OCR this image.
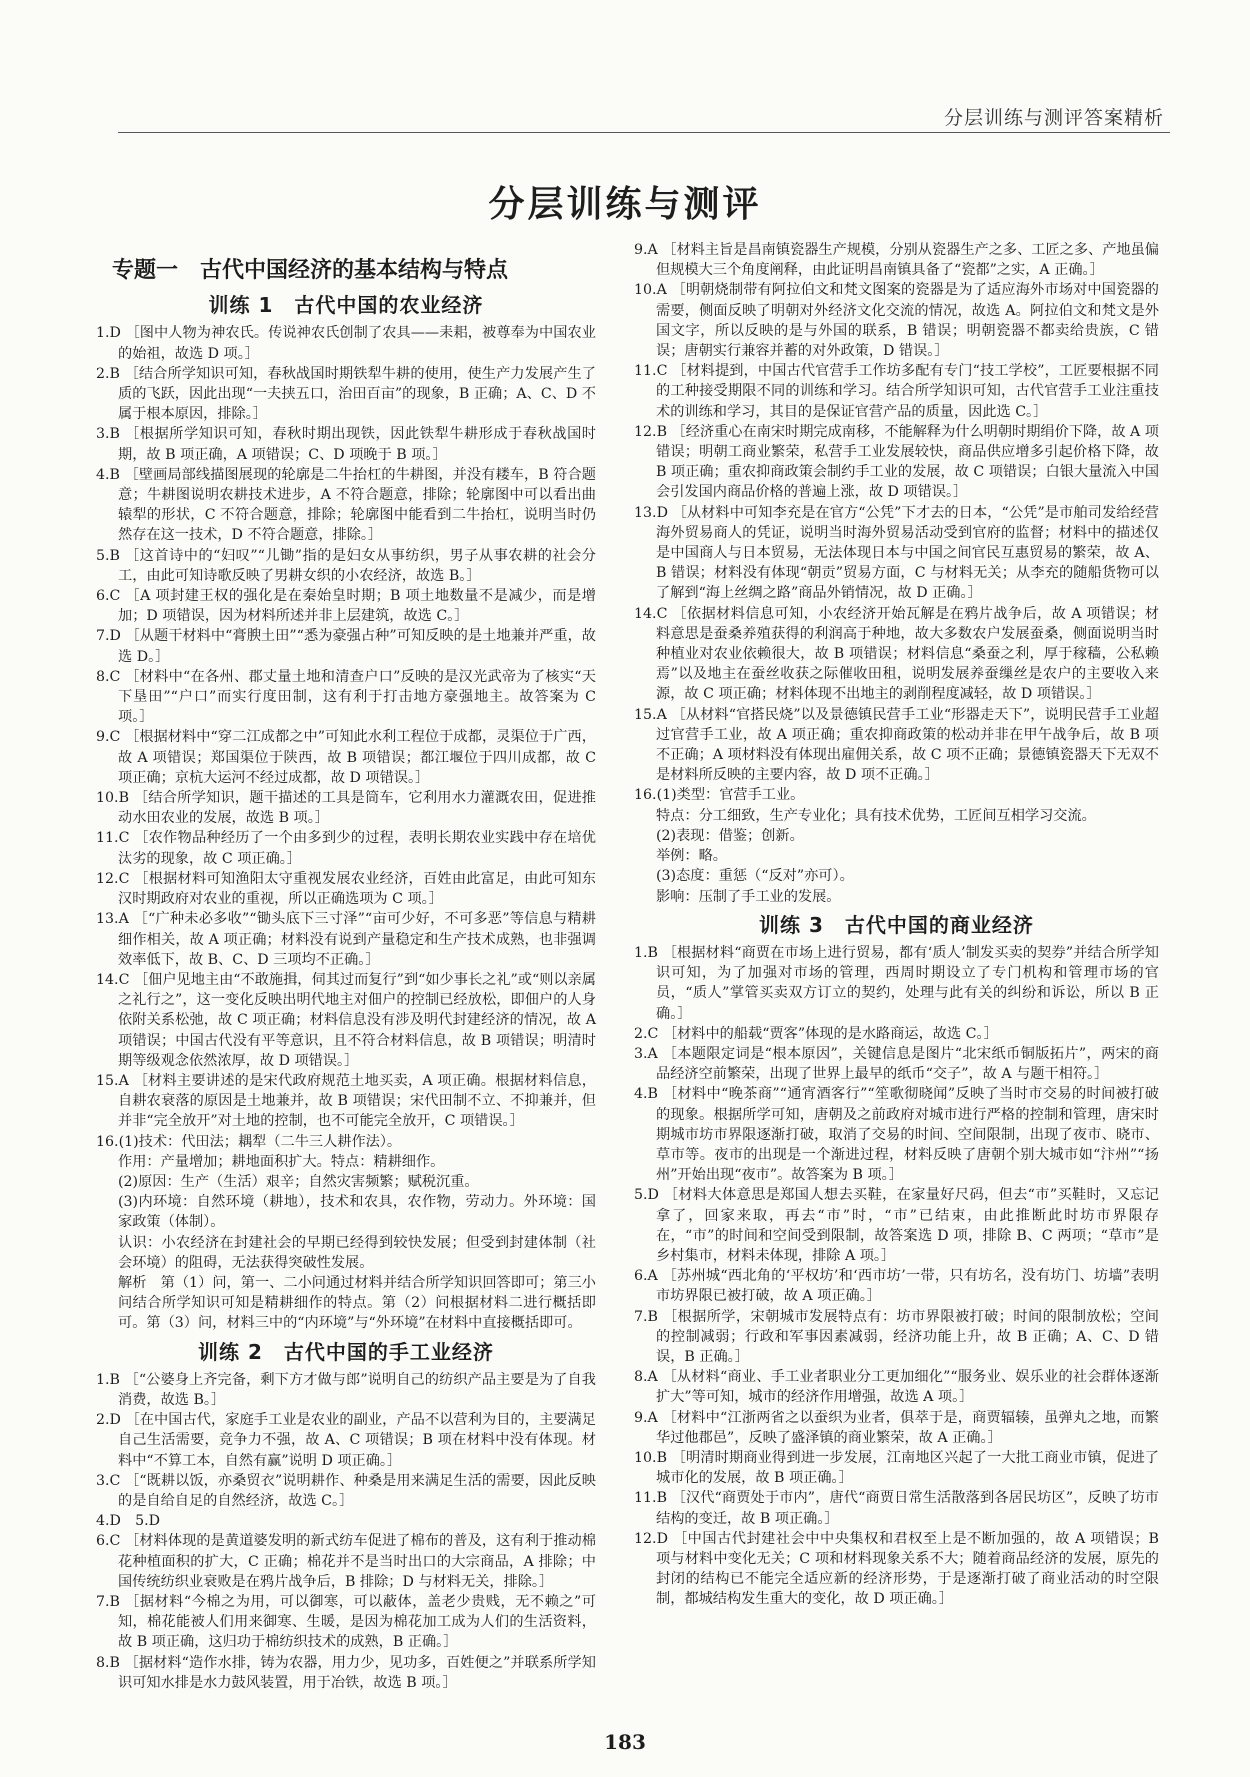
分层训练与测评答案精析
分层训练与测评
专题一　古代中国经济的基本结构与特点
训练 1　古代中国的农业经济

1.D ［图中人物为神农氏。传说神农氏创制了农具——耒耜，被尊奉为中国农业的始祖，故选 D 项。］

2.B ［结合所学知识可知，春秋战国时期铁犁牛耕的使用，使生产力发展产生了质的飞跃，因此出现“一夫挟五口，治田百亩”的现象，B 正确；A、C、D 不属于根本原因，排除。］

3.B ［根据所学知识可知，春秋时期出现铁，因此铁犁牛耕形成于春秋战国时期，故 B 项正确，A 项错误；C、D 项晚于 B 项。］

4.B ［壁画局部线描图展现的轮廓是二牛抬杠的牛耕图，并没有耧车，B 符合题意；牛耕图说明农耕技术进步，A 不符合题意，排除；轮廓图中可以看出曲辕犁的形状，C 不符合题意，排除；轮廓图中能看到二牛抬杠，说明当时仍然存在这一技术，D 不符合题意，排除。］

5.B ［这首诗中的“妇叹”“儿锄”指的是妇女从事纺织，男子从事农耕的社会分工，由此可知诗歌反映了男耕女织的小农经济，故选 B。］

6.C ［A 项封建王权的强化是在秦始皇时期；B 项土地数量不是减少，而是增加；D 项错误，因为材料所述并非上层建筑，故选 C。］

7.D ［从题干材料中“膏腴土田”“悉为豪强占种”可知反映的是土地兼并严重，故选 D。］

8.C ［材料中“在各州、郡丈量土地和清查户口”反映的是汉光武帝为了核实“天下垦田”“户口”而实行度田制，这有利于打击地方豪强地主。故答案为 C 项。］

9.C ［根据材料中“穿二江成都之中”可知此水利工程位于成都，灵渠位于广西，故 A 项错误；郑国渠位于陕西，故 B 项错误；都江堰位于四川成都，故 C 项正确；京杭大运河不经过成都，故 D 项错误。］

10.B ［结合所学知识，题干描述的工具是筒车，它利用水力灌溉农田，促进推动水田农业的发展，故选 B 项。］

11.C ［农作物品种经历了一个由多到少的过程，表明长期农业实践中存在培优汰劣的现象，故 C 项正确。］

12.C ［根据材料可知渔阳太守重视发展农业经济，百姓由此富足，由此可知东汉时期政府对农业的重视，所以正确选项为 C 项。］

13.A ［“广种未必多收”“锄头底下三寸泽”“亩可少好，不可多恶”等信息与精耕细作相关，故 A 项正确；材料没有说到产量稳定和生产技术成熟，也非强调效率低下，故 B、C、D 三项均不正确。］

14.C ［佃户见地主由“不敢施揖，伺其过而复行”到“如少事长之礼”或“则以亲属之礼行之”，这一变化反映出明代地主对佃户的控制已经放松，即佃户的人身依附关系松弛，故 C 项正确；材料信息没有涉及明代封建经济的情况，故 A 项错误；中国古代没有平等意识，且不符合材料信息，故 B 项错误；明清时期等级观念依然浓厚，故 D 项错误。］

15.A ［材料主要讲述的是宋代政府规范土地买卖，A 项正确。根据材料信息，自耕农衰落的原因是土地兼并，故 B 项错误；宋代田制不立、不抑兼并，但并非“完全放开”对土地的控制，也不可能完全放开，C 项错误。］

16.(1)技术：代田法；耦犁（二牛三人耕作法）。

作用：产量增加；耕地面积扩大。特点：精耕细作。

(2)原因：生产（生活）艰辛；自然灾害频繁；赋税沉重。

(3)内环境：自然环境（耕地），技术和农具，农作物，劳动力。外环境：国家政策（体制）。

认识：小农经济在封建社会的早期已经得到较快发展；但受到封建体制（社会环境）的阻碍，无法获得突破性发展。

解析　第（1）问，第一、二小问通过材料并结合所学知识回答即可；第三小问结合所学知识可知是精耕细作的特点。第（2）问根据材料二进行概括即可。第（3）问，材料三中的“内环境”与“外环境”在材料中直接概括即可。

训练 2　古代中国的手工业经济

1.B ［“公婆身上齐完备，剩下方才做与郎”说明自己的纺织产品主要是为了自我消费，故选 B。］

2.D ［在中国古代，家庭手工业是农业的副业，产品不以营利为目的，主要满足自己生活需要，竞争力不强，故 A、C 项错误；B 项在材料中没有体现。材料中“不算工本，自然有赢”说明 D 项正确。］

3.C ［“既耕以饭，亦桑贸衣”说明耕作、种桑是用来满足生活的需要，因此反映的是自给自足的自然经济，故选 C。］

4.D　5.D

6.C ［材料体现的是黄道婆发明的新式纺车促进了棉布的普及，这有利于推动棉花种植面积的扩大，C 正确；棉花并不是当时出口的大宗商品，A 排除；中国传统纺织业衰败是在鸦片战争后，B 排除；D 与材料无关，排除。］

7.B ［据材料“今棉之为用，可以御寒，可以蔽体，盖老少贵贱，无不赖之”可知，棉花能被人们用来御寒、生暖，是因为棉花加工成为人们的生活资料，故 B 项正确，这归功于棉纺织技术的成熟，B 正确。］

8.B ［据材料“造作水排，铸为农器，用力少，见功多，百姓便之”并联系所学知识可知水排是水力鼓风装置，用于冶铁，故选 B 项。］

9.A ［材料主旨是昌南镇瓷器生产规模，分别从瓷器生产之多、工匠之多、产地虽偏但规模大三个角度阐释，由此证明昌南镇具备了“瓷都”之实，A 正确。］

10.A ［明朝烧制带有阿拉伯文和梵文图案的瓷器是为了适应海外市场对中国瓷器的需要，侧面反映了明朝对外经济文化交流的情况，故选 A。阿拉伯文和梵文是外国文字，所以反映的是与外国的联系，B 错误；明朝瓷器不都卖给贵族，C 错误；唐朝实行兼容并蓄的对外政策，D 错误。］

11.C ［材料提到，中国古代官营手工作坊多配有专门“技工学校”，工匠要根据不同的工种接受期限不同的训练和学习。结合所学知识可知，古代官营手工业注重技术的训练和学习，其目的是保证官营产品的质量，因此选 C。］

12.B ［经济重心在南宋时期完成南移，不能解释为什么明朝时期绢价下降，故 A 项错误；明朝工商业繁荣，私营手工业发展较快，商品供应增多引起价格下降，故 B 项正确；重农抑商政策会制约手工业的发展，故 C 项错误；白银大量流入中国会引发国内商品价格的普遍上涨，故 D 项错误。］

13.D ［从材料中可知李充是在官方“公凭”下才去的日本，“公凭”是市舶司发给经营海外贸易商人的凭证，说明当时海外贸易活动受到官府的监督；材料中的描述仅是中国商人与日本贸易，无法体现日本与中国之间官民互惠贸易的繁荣，故 A、B 错误；材料没有体现“朝贡”贸易方面，C 与材料无关；从李充的随船货物可以了解到“海上丝绸之路”商品外销情况，故 D 正确。］

14.C ［依据材料信息可知，小农经济开始瓦解是在鸦片战争后，故 A 项错误；材料意思是蚕桑养殖获得的利润高于种地，故大多数农户发展蚕桑，侧面说明当时种植业对农业依赖很大，故 B 项错误；材料信息“桑蚕之利，厚于稼穑，公私赖焉”以及地主在蚕丝收获之际催收田租，说明发展养蚕缫丝是农户的主要收入来源，故 C 项正确；材料体现不出地主的剥削程度减轻，故 D 项错误。］

15.A ［从材料“官搭民烧”以及景德镇民营手工业“形器走天下”，说明民营手工业超过官营手工业，故 A 项正确；重农抑商政策的松动并非在甲午战争后，故 B 项不正确；A 项材料没有体现出雇佣关系，故 C 项不正确；景德镇瓷器天下无双不是材料所反映的主要内容，故 D 项不正确。］

16.(1)类型：官营手工业。

特点：分工细致，生产专业化；具有技术优势，工匠间互相学习交流。

(2)表现：借鉴；创新。

举例：略。

(3)态度：重惩（“反对”亦可）。

影响：压制了手工业的发展。

训练 3　古代中国的商业经济

1.B ［根据材料“商贾在市场上进行贸易，都有‘质人’制发买卖的契券”并结合所学知识可知，为了加强对市场的管理，西周时期设立了专门机构和管理市场的官员，“质人”掌管买卖双方订立的契约，处理与此有关的纠纷和诉讼，所以 B 正确。］

2.C ［材料中的船载“贾客”体现的是水路商运，故选 C。］

3.A ［本题限定词是“根本原因”，关键信息是图片“北宋纸币铜版拓片”，两宋的商品经济空前繁荣，出现了世界上最早的纸币“交子”，故 A 与题干相符。］

4.B ［材料中“晚茶商”“通宵酒客行”“笙歌彻晓闻”反映了当时市交易的时间被打破的现象。根据所学可知，唐朝及之前政府对城市进行严格的控制和管理，唐宋时期城市坊市界限逐渐打破，取消了交易的时间、空间限制，出现了夜市、晓市、草市等。夜市的出现是一个渐进过程，材料反映了唐朝个别大城市如“汴州”“扬州”开始出现“夜市”。故答案为 B 项。］

5.D ［材料大体意思是郑国人想去买鞋，在家量好尺码，但去“市”买鞋时，又忘记拿了，回家来取，再去“市”时，“市”已结束，由此推断此时坊市界限存在，“市”的时间和空间受到限制，故答案选 D 项，排除 B、C 两项；“草市”是乡村集市，材料未体现，排除 A 项。］

6.A ［苏州城“西北角的‘平权坊’和‘西市坊’一带，只有坊名，没有坊门、坊墙”表明市坊界限已被打破，故 A 项正确。］

7.B ［根据所学，宋朝城市发展特点有：坊市界限被打破；时间的限制放松；空间的控制减弱；行政和军事因素减弱，经济功能上升，故 B 正确；A、C、D 错误，B 正确。］

8.A ［从材料“商业、手工业者职业分工更加细化”“服务业、娱乐业的社会群体逐渐扩大”等可知，城市的经济作用增强，故选 A 项。］

9.A ［材料中“江浙两省之以蚕织为业者，俱萃于是，商贾辐辏，虽弹丸之地，而繁华过他郡邑”，反映了盛泽镇的商业繁荣，故 A 正确。］

10.B ［明清时期商业得到进一步发展，江南地区兴起了一大批工商业市镇，促进了城市化的发展，故 B 项正确。］

11.B ［汉代“商贾处于市内”，唐代“商贾日常生活散落到各居民坊区”，反映了坊市结构的变迁，故 B 项正确。］

12.D ［中国古代封建社会中中央集权和君权至上是不断加强的，故 A 项错误；B 项与材料中变化无关；C 项和材料现象关系不大；随着商品经济的发展，原先的封闭的结构已不能完全适应新的经济形势，于是逐渐打破了商业活动的时空限制，都城结构发生重大的变化，故 D 项正确。］

183
